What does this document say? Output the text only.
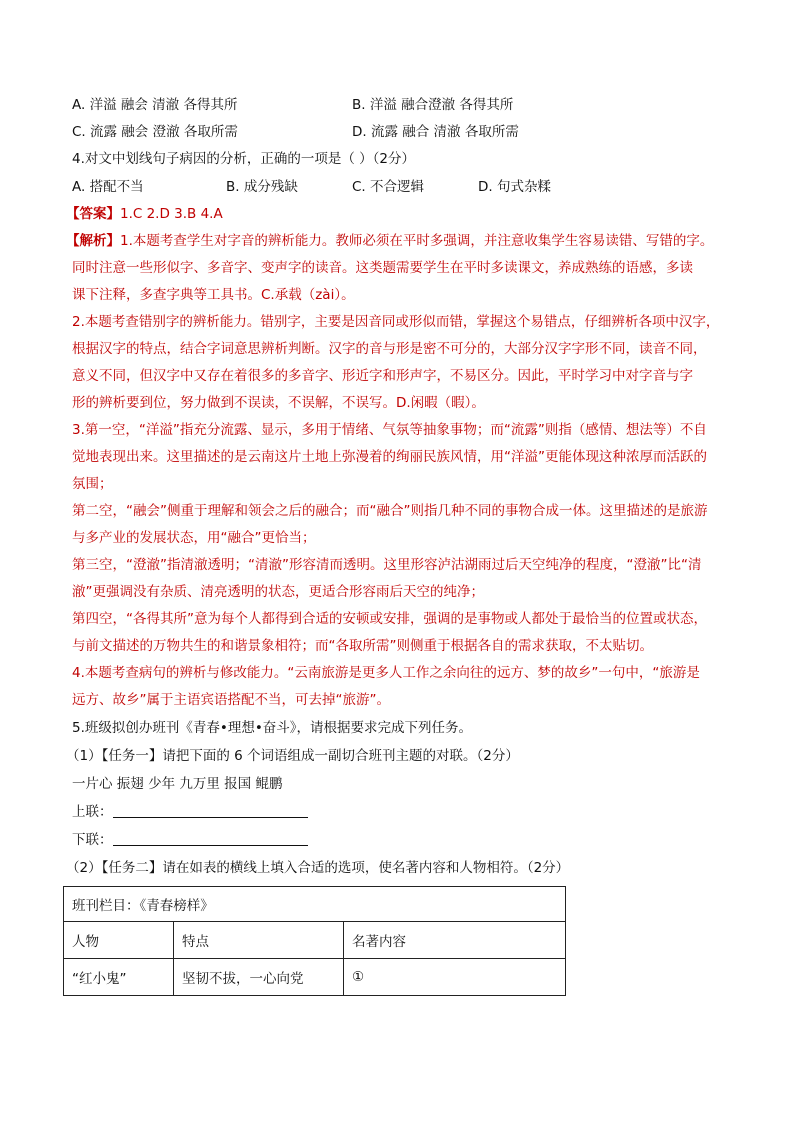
A. 洋溢 融会 清澈 各得其所	B. 洋溢 融合澄澈 各得其所
C. 流露 融会 澄澈 各取所需	D. 流露 融合 清澈 各取所需
4.对文中划线句子病因的分析，正确的一项是（ ）（2分）
A. 搭配不当	B. 成分残缺	C. 不合逻辑	D. 句式杂糅
【答案】1.C 2.D 3.B 4.A
【解析】1.本题考查学生对字音的辨析能力。教师必须在平时多强调，并注意收集学生容易读错、写错的字。
同时注意一些形似字、多音字、变声字的读音。这类题需要学生在平时多读课文，养成熟练的语感，多读
课下注释，多查字典等工具书。C.承载（zài）。
2.本题考查错别字的辨析能力。错别字，主要是因音同或形似而错，掌握这个易错点，仔细辨析各项中汉字，
根据汉字的特点，结合字词意思辨析判断。汉字的音与形是密不可分的，大部分汉字字形不同，读音不同，
意义不同，但汉字中又存在着很多的多音字、形近字和形声字，不易区分。因此，平时学习中对字音与字
形的辨析要到位，努力做到不误读，不误解，不误写。D.闲暇（暇）。
3.第一空，“洋溢”指充分流露、显示，多用于情绪、气氛等抽象事物；而“流露”则指（感情、想法等）不自
觉地表现出来。这里描述的是云南这片土地上弥漫着的绚丽民族风情，用“洋溢”更能体现这种浓厚而活跃的
氛围；
第二空，“融会”侧重于理解和领会之后的融合；而“融合”则指几种不同的事物合成一体。这里描述的是旅游
与多产业的发展状态，用“融合”更恰当；
第三空，“澄澈”指清澈透明；“清澈”形容清而透明。这里形容泸沽湖雨过后天空纯净的程度，“澄澈”比“清
澈”更强调没有杂质、清亮透明的状态，更适合形容雨后天空的纯净；
第四空，“各得其所”意为每个人都得到合适的安顿或安排，强调的是事物或人都处于最恰当的位置或状态，
与前文描述的万物共生的和谐景象相符；而“各取所需”则侧重于根据各自的需求获取，不太贴切。
4.本题考查病句的辨析与修改能力。“云南旅游是更多人工作之余向往的远方、梦的故乡”一句中，“旅游是
远方、故乡”属于主语宾语搭配不当，可去掉“旅游”。
5.班级拟创办班刊《青春•理想•奋斗》，请根据要求完成下列任务。
（1）【任务一】请把下面的 6 个词语组成一副切合班刊主题的对联。（2分）
一片心 振翅 少年 九万里 报国 鲲鹏
上联：
下联：
（2）【任务二】请在如表的横线上填入合适的选项，使名著内容和人物相符。（2分）
班刊栏目：《青春榜样》		
人物	特点	名著内容
“红小鬼”	坚韧不拔，一心向党	①
